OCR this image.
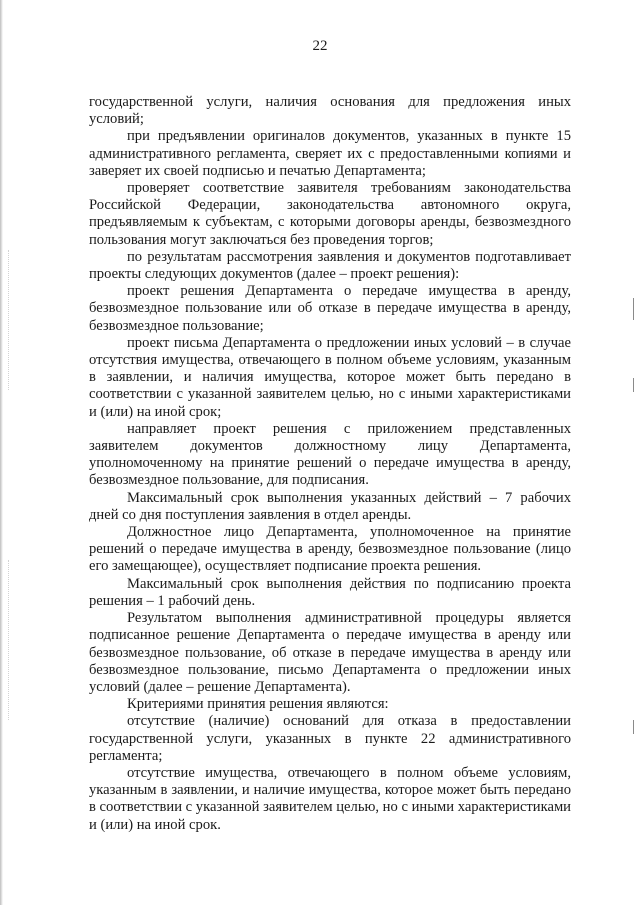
22

государственной услуги, наличия основания для предложения иных условий;

при предъявлении оригиналов документов, указанных в пункте 15 административного регламента, сверяет их с предоставленными копиями и заверяет их своей подписью и печатью Департамента;

проверяет соответствие заявителя требованиям законодательства Российской Федерации, законодательства автономного округа, предъявляемым к субъектам, с которыми договоры аренды, безвозмездного пользования могут заключаться без проведения торгов;

по результатам рассмотрения заявления и документов подготавливает проекты следующих документов (далее – проект решения):

проект решения Департамента о передаче имущества в аренду, безвозмездное пользование или об отказе в передаче имущества в аренду, безвозмездное пользование;

проект письма Департамента о предложении иных условий – в случае отсутствия имущества, отвечающего в полном объеме условиям, указанным в заявлении, и наличия имущества, которое может быть передано в соответствии с указанной заявителем целью, но с иными характеристиками и (или) на иной срок;

направляет проект решения с приложением представленных заявителем документов должностному лицу Департамента, уполномоченному на принятие решений о передаче имущества в аренду, безвозмездное пользование, для подписания.

Максимальный срок выполнения указанных действий – 7 рабочих дней со дня поступления заявления в отдел аренды.

Должностное лицо Департамента, уполномоченное на принятие решений о передаче имущества в аренду, безвозмездное пользование (лицо его замещающее), осуществляет подписание проекта решения.

Максимальный срок выполнения действия по подписанию проекта решения – 1 рабочий день.

Результатом выполнения административной процедуры является подписанное решение Департамента о передаче имущества в аренду или безвозмездное пользование, об отказе в передаче имущества в аренду или безвозмездное пользование, письмо Департамента о предложении иных условий (далее – решение Департамента).

Критериями принятия решения являются:

отсутствие (наличие) оснований для отказа в предоставлении государственной услуги, указанных в пункте 22 административного регламента;

отсутствие имущества, отвечающего в полном объеме условиям, указанным в заявлении, и наличие имущества, которое может быть передано в соответствии с указанной заявителем целью, но с иными характеристиками и (или) на иной срок.
